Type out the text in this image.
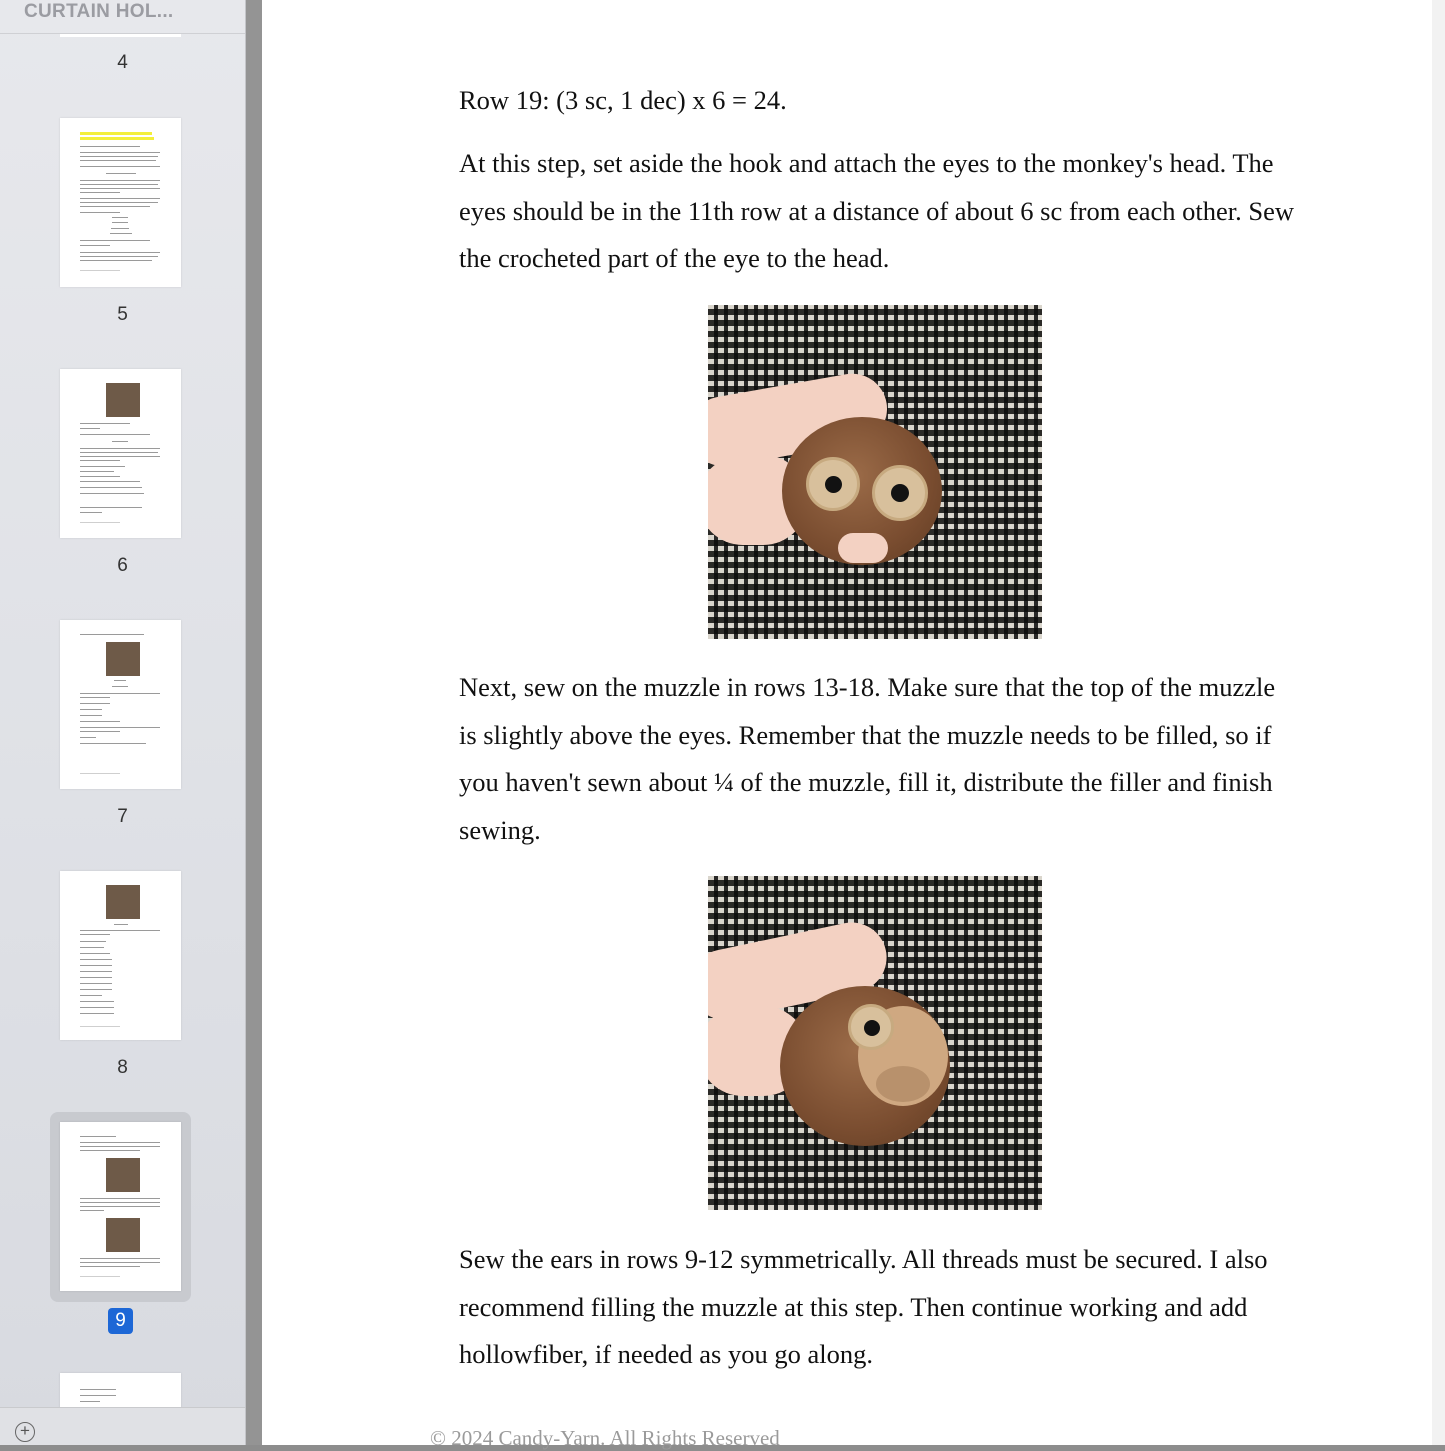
CURTAIN HOL...
4
5
6
7
8
9
+

Row 19: (3 sc, 1 dec) x 6 = 24.

At this step, set aside the hook and attach the eyes to the monkey's head. The eyes should be in the 11th row at a distance of about 6 sc from each other. Sew the crocheted part of the eye to the head.

Next, sew on the muzzle in rows 13-18. Make sure that the top of the muzzle is slightly above the eyes. Remember that the muzzle needs to be filled, so if you haven't sewn about ¼ of the muzzle, fill it, distribute the filler and finish sewing.

Sew the ears in rows 9-12 symmetrically. All threads must be secured. I also recommend filling the muzzle at this step. Then continue working and add hollowfiber, if needed as you go along.

© 2024 Candy-Yarn. All Rights Reserved
